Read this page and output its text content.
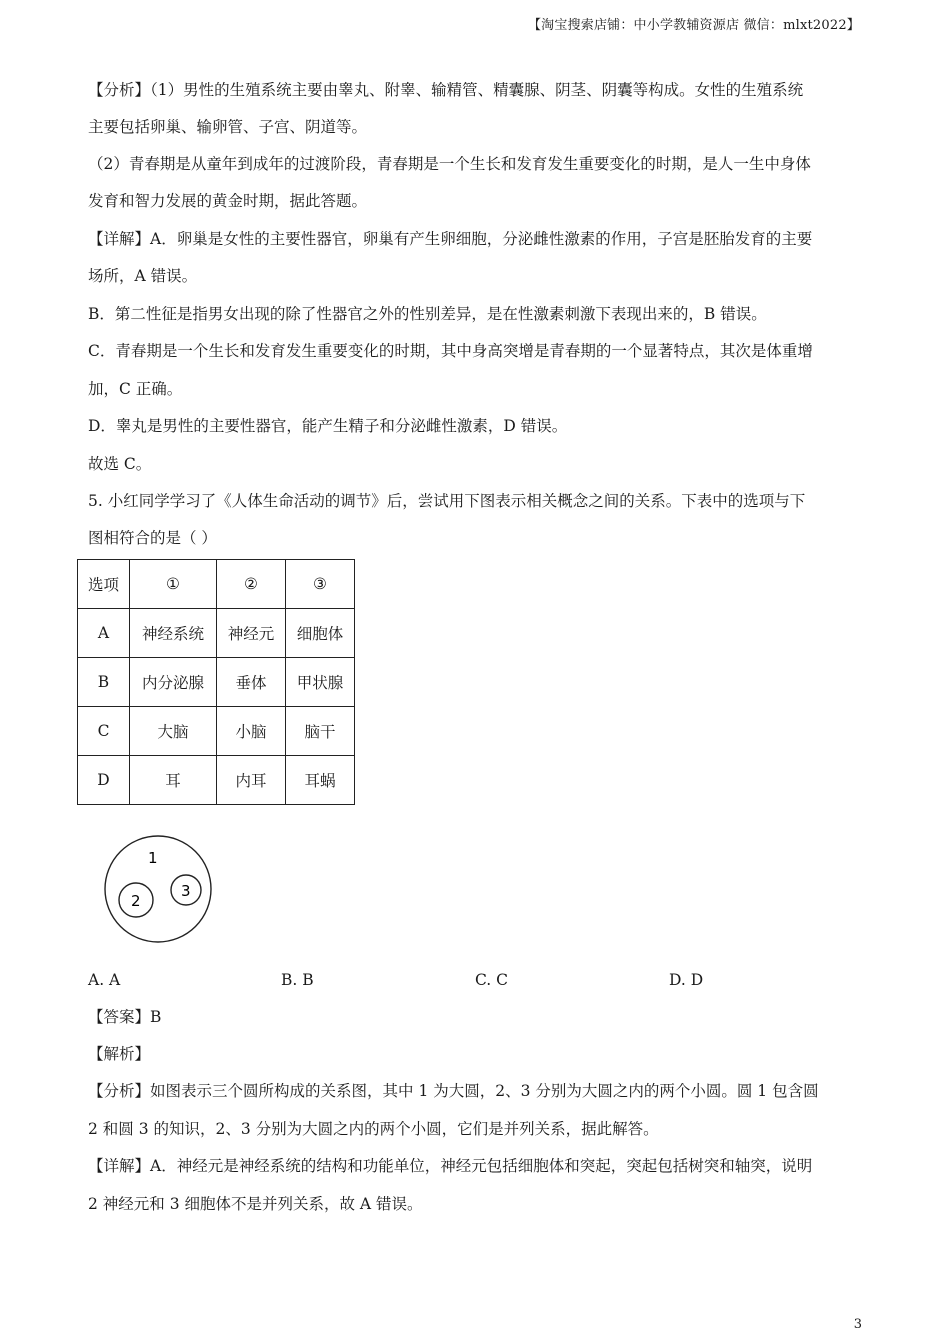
【淘宝搜索店铺：中小学教辅资源店 微信：mlxt2022】

【分析】（1）男性的生殖系统主要由睾丸、附睾、输精管、精囊腺、阴茎、阴囊等构成。女性的生殖系统

主要包括卵巢、输卵管、子宫、阴道等。

（2）青春期是从童年到成年的过渡阶段，青春期是一个生长和发育发生重要变化的时期，是人一生中身体

发育和智力发展的黄金时期，据此答题。

【详解】A．卵巢是女性的主要性器官，卵巢有产生卵细胞，分泌雌性激素的作用，子宫是胚胎发育的主要

场所，A 错误。

B．第二性征是指男女出现的除了性器官之外的性别差异，是在性激素刺激下表现出来的，B 错误。

C．青春期是一个生长和发育发生重要变化的时期，其中身高突增是青春期的一个显著特点，其次是体重增

加，C 正确。

D．睾丸是男性的主要性器官，能产生精子和分泌雌性激素，D 错误。

故选 C。

5. 小红同学学习了《人体生命活动的调节》后，尝试用下图表示相关概念之间的关系。下表中的选项与下

图相符合的是（ ）

选项	①	②	③
A	神经系统	神经元	细胞体
B	内分泌腺	垂体	甲状腺
C	大脑	小脑	脑干
D	耳	内耳	耳蜗
1
2
3
A. A	B. B	C. C	D. D

【答案】B

【解析】

【分析】如图表示三个圆所构成的关系图，其中 1 为大圆，2、3 分别为大圆之内的两个小圆。圆 1 包含圆

2 和圆 3 的知识，2、3 分别为大圆之内的两个小圆，它们是并列关系，据此解答。

【详解】A．神经元是神经系统的结构和功能单位，神经元包括细胞体和突起，突起包括树突和轴突，说明

2 神经元和 3 细胞体不是并列关系，故 A 错误。

3
